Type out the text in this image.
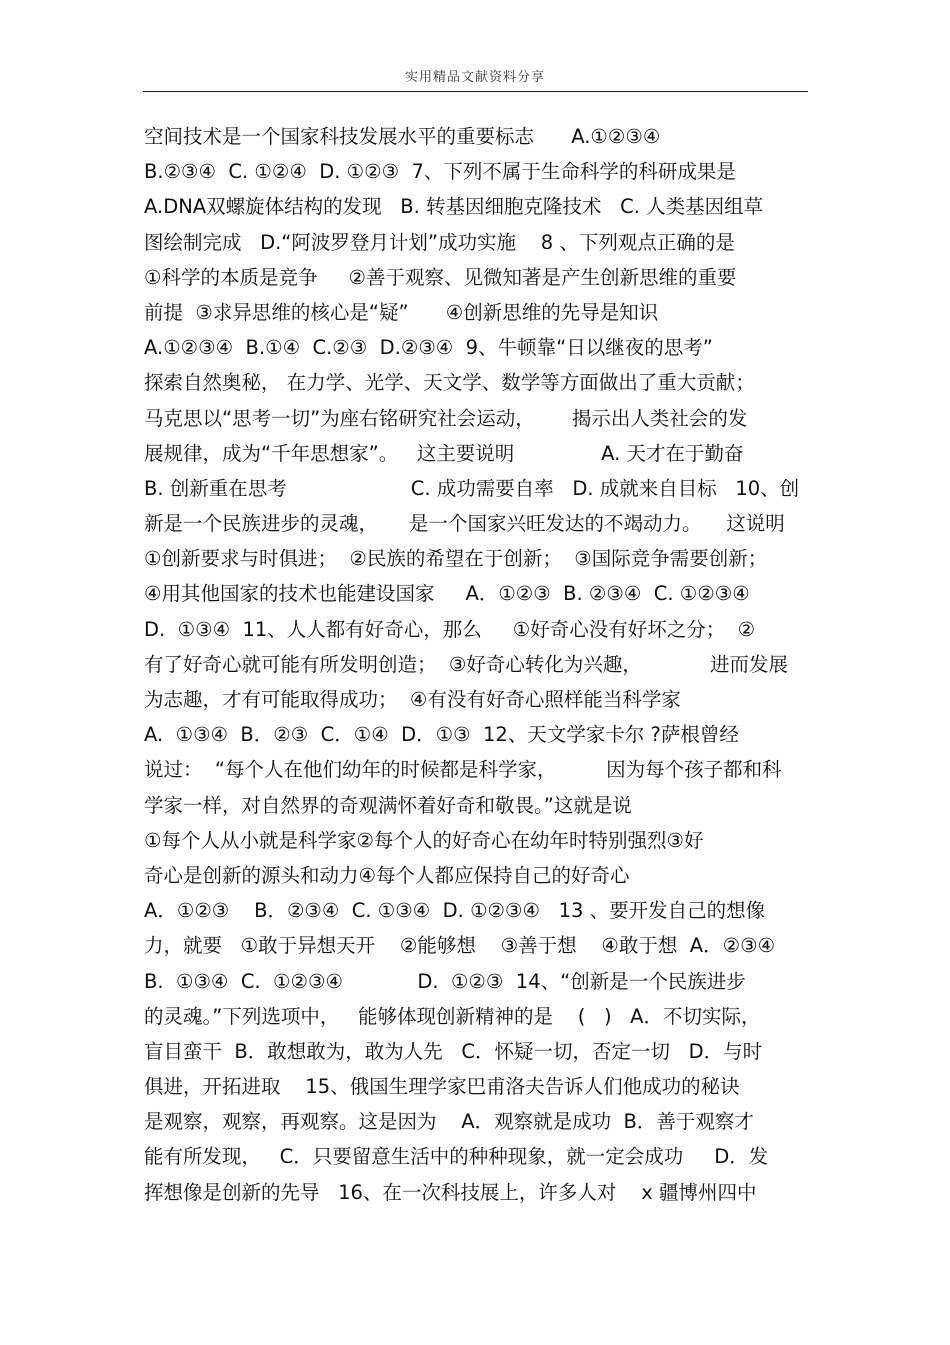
实用精品文献资料分享
空间技术是一个国家科技发展水平的重要标志      A.①②③④
B.②③④  C. ①②④  D. ①②③  7、下列不属于生命科学的科研成果是
A.DNA双螺旋体结构的发现   B. 转基因细胞克隆技术   C. 人类基因组草
图绘制完成   D.“阿波罗登月计划”成功实施    8 、下列观点正确的是
①科学的本质是竞争     ②善于观察、见微知著是产生创新思维的重要
前提  ③求异思维的核心是“疑”      ④创新思维的先导是知识
A.①②③④  B.①④  C.②③  D.②③④  9、牛顿靠“日以继夜的思考”
探索自然奥秘， 在力学、光学、天文学、数学等方面做出了重大贡献；
马克思以“思考一切”为座右铭研究社会运动，      揭示出人类社会的发
展规律，成为“千年思想家”。   这主要说明              A. 天才在于勤奋
B. 创新重在思考                    C. 成功需要自率   D. 成就来自目标   10、创
新是一个民族进步的灵魂，     是一个国家兴旺发达的不竭动力。    这说明
①创新要求与时俱进；  ②民族的希望在于创新；  ③国际竞争需要创新；
④用其他国家的技术也能建设国家     A．①②③  B. ②③④  C. ①②③④
D.  ①③④  11、人人都有好奇心，那么     ①好奇心没有好坏之分；  ②
有了好奇心就可能有所发明创造；  ③好奇心转化为兴趣，           进而发展
为志趣，才有可能取得成功；  ④有没有好奇心照样能当科学家
A.  ①③④  B．②③  C．①④  D．①③  12、天文学家卡尔 ?萨根曾经
说过：  “每个人在他们幼年的时候都是科学家，        因为每个孩子都和科
学家一样，对自然界的奇观满怀着好奇和敬畏。”这就是说
①每个人从小就是科学家②每个人的好奇心在幼年时特别强烈③好
奇心是创新的源头和动力④每个人都应保持自己的好奇心
A．①②③    B．②③④  C. ①③④  D. ①②③④   13 、要开发自己的想像
力，就要   ①敢于异想天开    ②能够想    ③善于想    ④敢于想  A．②③④
B.  ①③④  C.  ①②③④            D.  ①②③  14、“创新是一个民族进步
的灵魂。”下列选项中，   能够体现创新精神的是    (   )   A．不切实际，
盲目蛮干  B．敢想敢为，敢为人先   C．怀疑一切，否定一切   D．与时
俱进，开拓进取    15、俄国生理学家巴甫洛夫告诉人们他成功的秘诀
是观察，观察，再观察。这是因为    A．观察就是成功  B．善于观察才
能有所发现，   C．只要留意生活中的种种现象，就一定会成功     D．发
挥想像是创新的先导   16、在一次科技展上，许多人对    x 疆博州四中
